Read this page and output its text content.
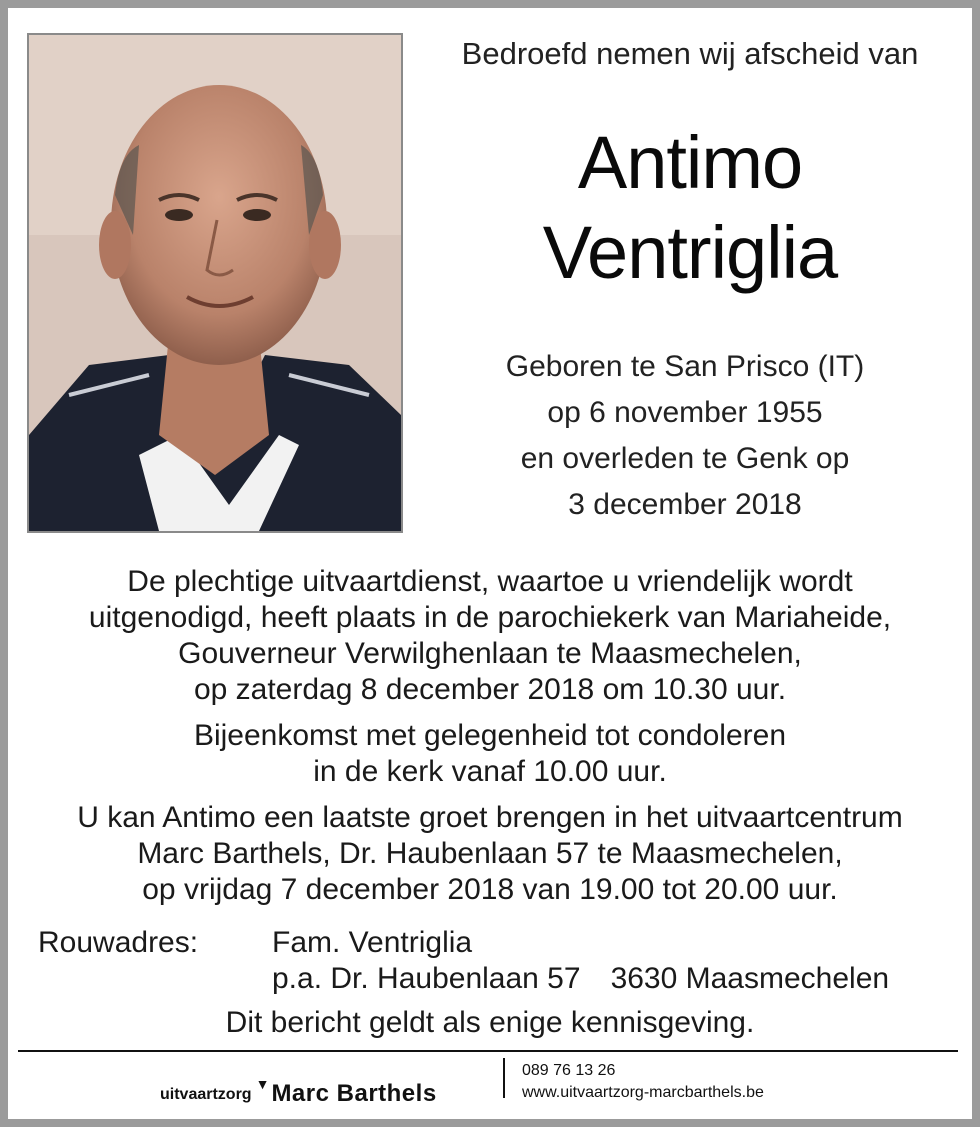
Bedroefd nemen wij afscheid van
Antimo
Ventriglia
Geboren te San Prisco (IT)
op 6 november 1955
en overleden te Genk op
3 december 2018
De plechtige uitvaartdienst, waartoe u vriendelijk wordt
uitgenodigd, heeft plaats in de parochiekerk van Mariaheide,
Gouverneur Verwilghenlaan te Maasmechelen,
op zaterdag 8 december 2018 om 10.30 uur.
Bijeenkomst met gelegenheid tot condoleren
in de kerk vanaf 10.00 uur.
U kan Antimo een laatste groet brengen in het uitvaartcentrum
Marc Barthels, Dr. Haubenlaan 57 te Maasmechelen,
op vrijdag 7 december 2018 van 19.00 tot 20.00 uur.
Rouwadres: Fam. Ventriglia
p.a. Dr. Haubenlaan 57 3630 Maasmechelen
Dit bericht geldt als enige kennisgeving.
uitvaartzorg
▼ Marc Barthels
089 76 13 26
www.uitvaartzorg-marcbarthels.be
